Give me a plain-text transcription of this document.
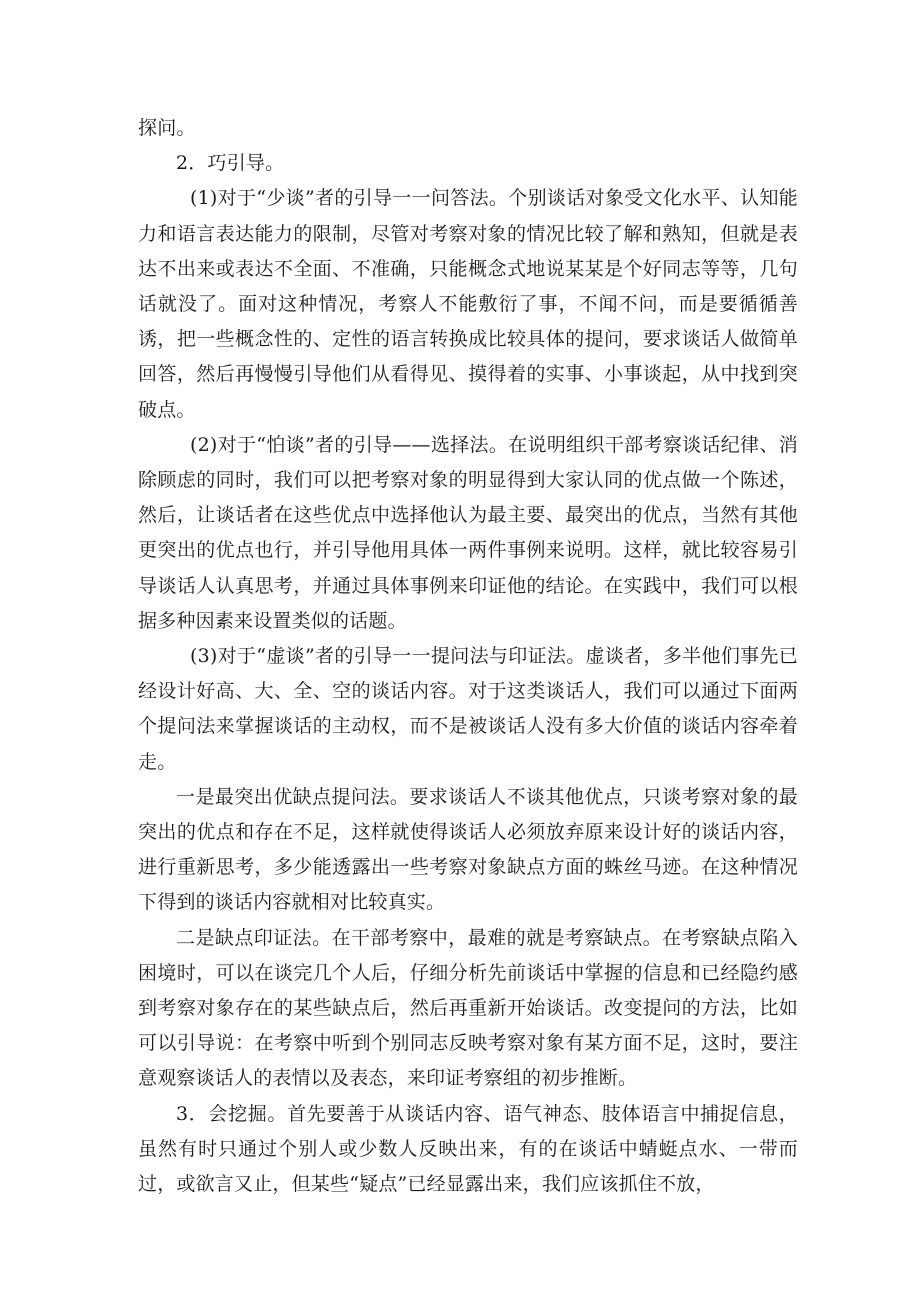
探问。

2．巧引导。

(1)对于“少谈”者的引导一一问答法。个别谈话对象受文化水平、认知能力和语言表达能力的限制，尽管对考察对象的情况比较了解和熟知，但就是表达不出来或表达不全面、不准确，只能概念式地说某某是个好同志等等，几句话就没了。面对这种情况，考察人不能敷衍了事，不闻不问，而是要循循善诱，把一些概念性的、定性的语言转换成比较具体的提问，要求谈话人做简单回答，然后再慢慢引导他们从看得见、摸得着的实事、小事谈起，从中找到突破点。

(2)对于“怕谈”者的引导——选择法。在说明组织干部考察谈话纪律、消除顾虑的同时，我们可以把考察对象的明显得到大家认同的优点做一个陈述，然后，让谈话者在这些优点中选择他认为最主要、最突出的优点，当然有其他更突出的优点也行，并引导他用具体一两件事例来说明。这样，就比较容易引导谈话人认真思考，并通过具体事例来印证他的结论。在实践中，我们可以根据多种因素来设置类似的话题。

(3)对于“虚谈”者的引导一一提问法与印证法。虚谈者，多半他们事先已经设计好高、大、全、空的谈话内容。对于这类谈话人，我们可以通过下面两个提问法来掌握谈话的主动权，而不是被谈话人没有多大价值的谈话内容牵着走。

一是最突出优缺点提问法。要求谈话人不谈其他优点，只谈考察对象的最突出的优点和存在不足，这样就使得谈话人必须放弃原来设计好的谈话内容，进行重新思考，多少能透露出一些考察对象缺点方面的蛛丝马迹。在这种情况下得到的谈话内容就相对比较真实。

二是缺点印证法。在干部考察中，最难的就是考察缺点。在考察缺点陷入困境时，可以在谈完几个人后，仔细分析先前谈话中掌握的信息和已经隐约感到考察对象存在的某些缺点后，然后再重新开始谈话。改变提问的方法，比如可以引导说：在考察中听到个别同志反映考察对象有某方面不足，这时，要注意观察谈话人的表情以及表态，来印证考察组的初步推断。

3．会挖掘。首先要善于从谈话内容、语气神态、肢体语言中捕捉信息，虽然有时只通过个别人或少数人反映出来，有的在谈话中蜻蜓点水、一带而过，或欲言又止，但某些“疑点”已经显露出来，我们应该抓住不放，
